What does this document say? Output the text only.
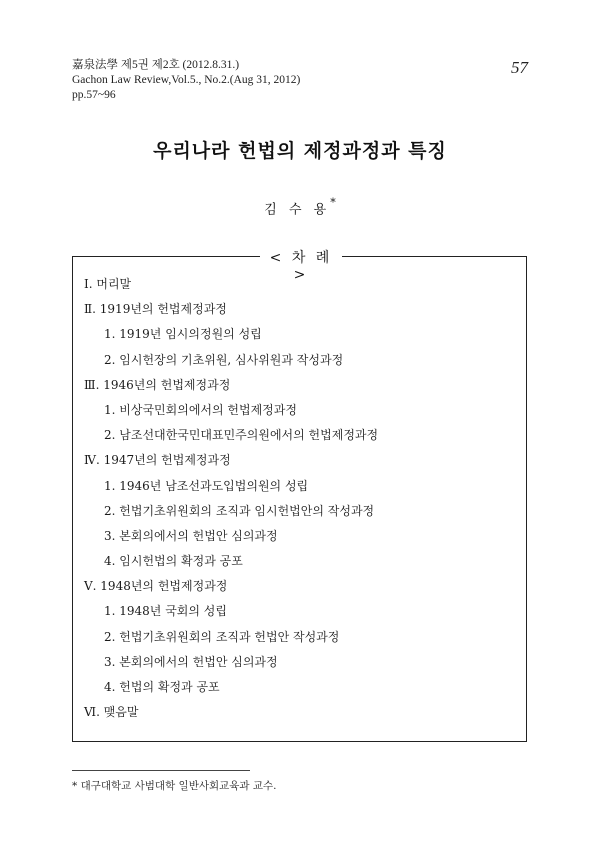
嘉泉法學 제5권 제2호 (2012.8.31.)
Gachon Law Review,Vol.5., No.2.(Aug 31, 2012)
pp.57~96
57
우리나라 헌법의 제정과정과 특징
김 수 용*
< 차 례 >
Ⅰ. 머리말
Ⅱ. 1919년의 헌법제정과정
1. 1919년 임시의정원의 성립
2. 임시헌장의 기초위원, 심사위원과 작성과정
Ⅲ. 1946년의 헌법제정과정
1. 비상국민회의에서의 헌법제정과정
2. 남조선대한국민대표민주의원에서의 헌법제정과정
Ⅳ. 1947년의 헌법제정과정
1. 1946년 남조선과도입법의원의 성립
2. 헌법기초위원회의 조직과 임시헌법안의 작성과정
3. 본회의에서의 헌법안 심의과정
4. 임시헌법의 확정과 공포
Ⅴ. 1948년의 헌법제정과정
1. 1948년 국회의 성립
2. 헌법기초위원회의 조직과 헌법안 작성과정
3. 본회의에서의 헌법안 심의과정
4. 헌법의 확정과 공포
Ⅵ. 맺음말
* 대구대학교 사범대학 일반사회교육과 교수.
